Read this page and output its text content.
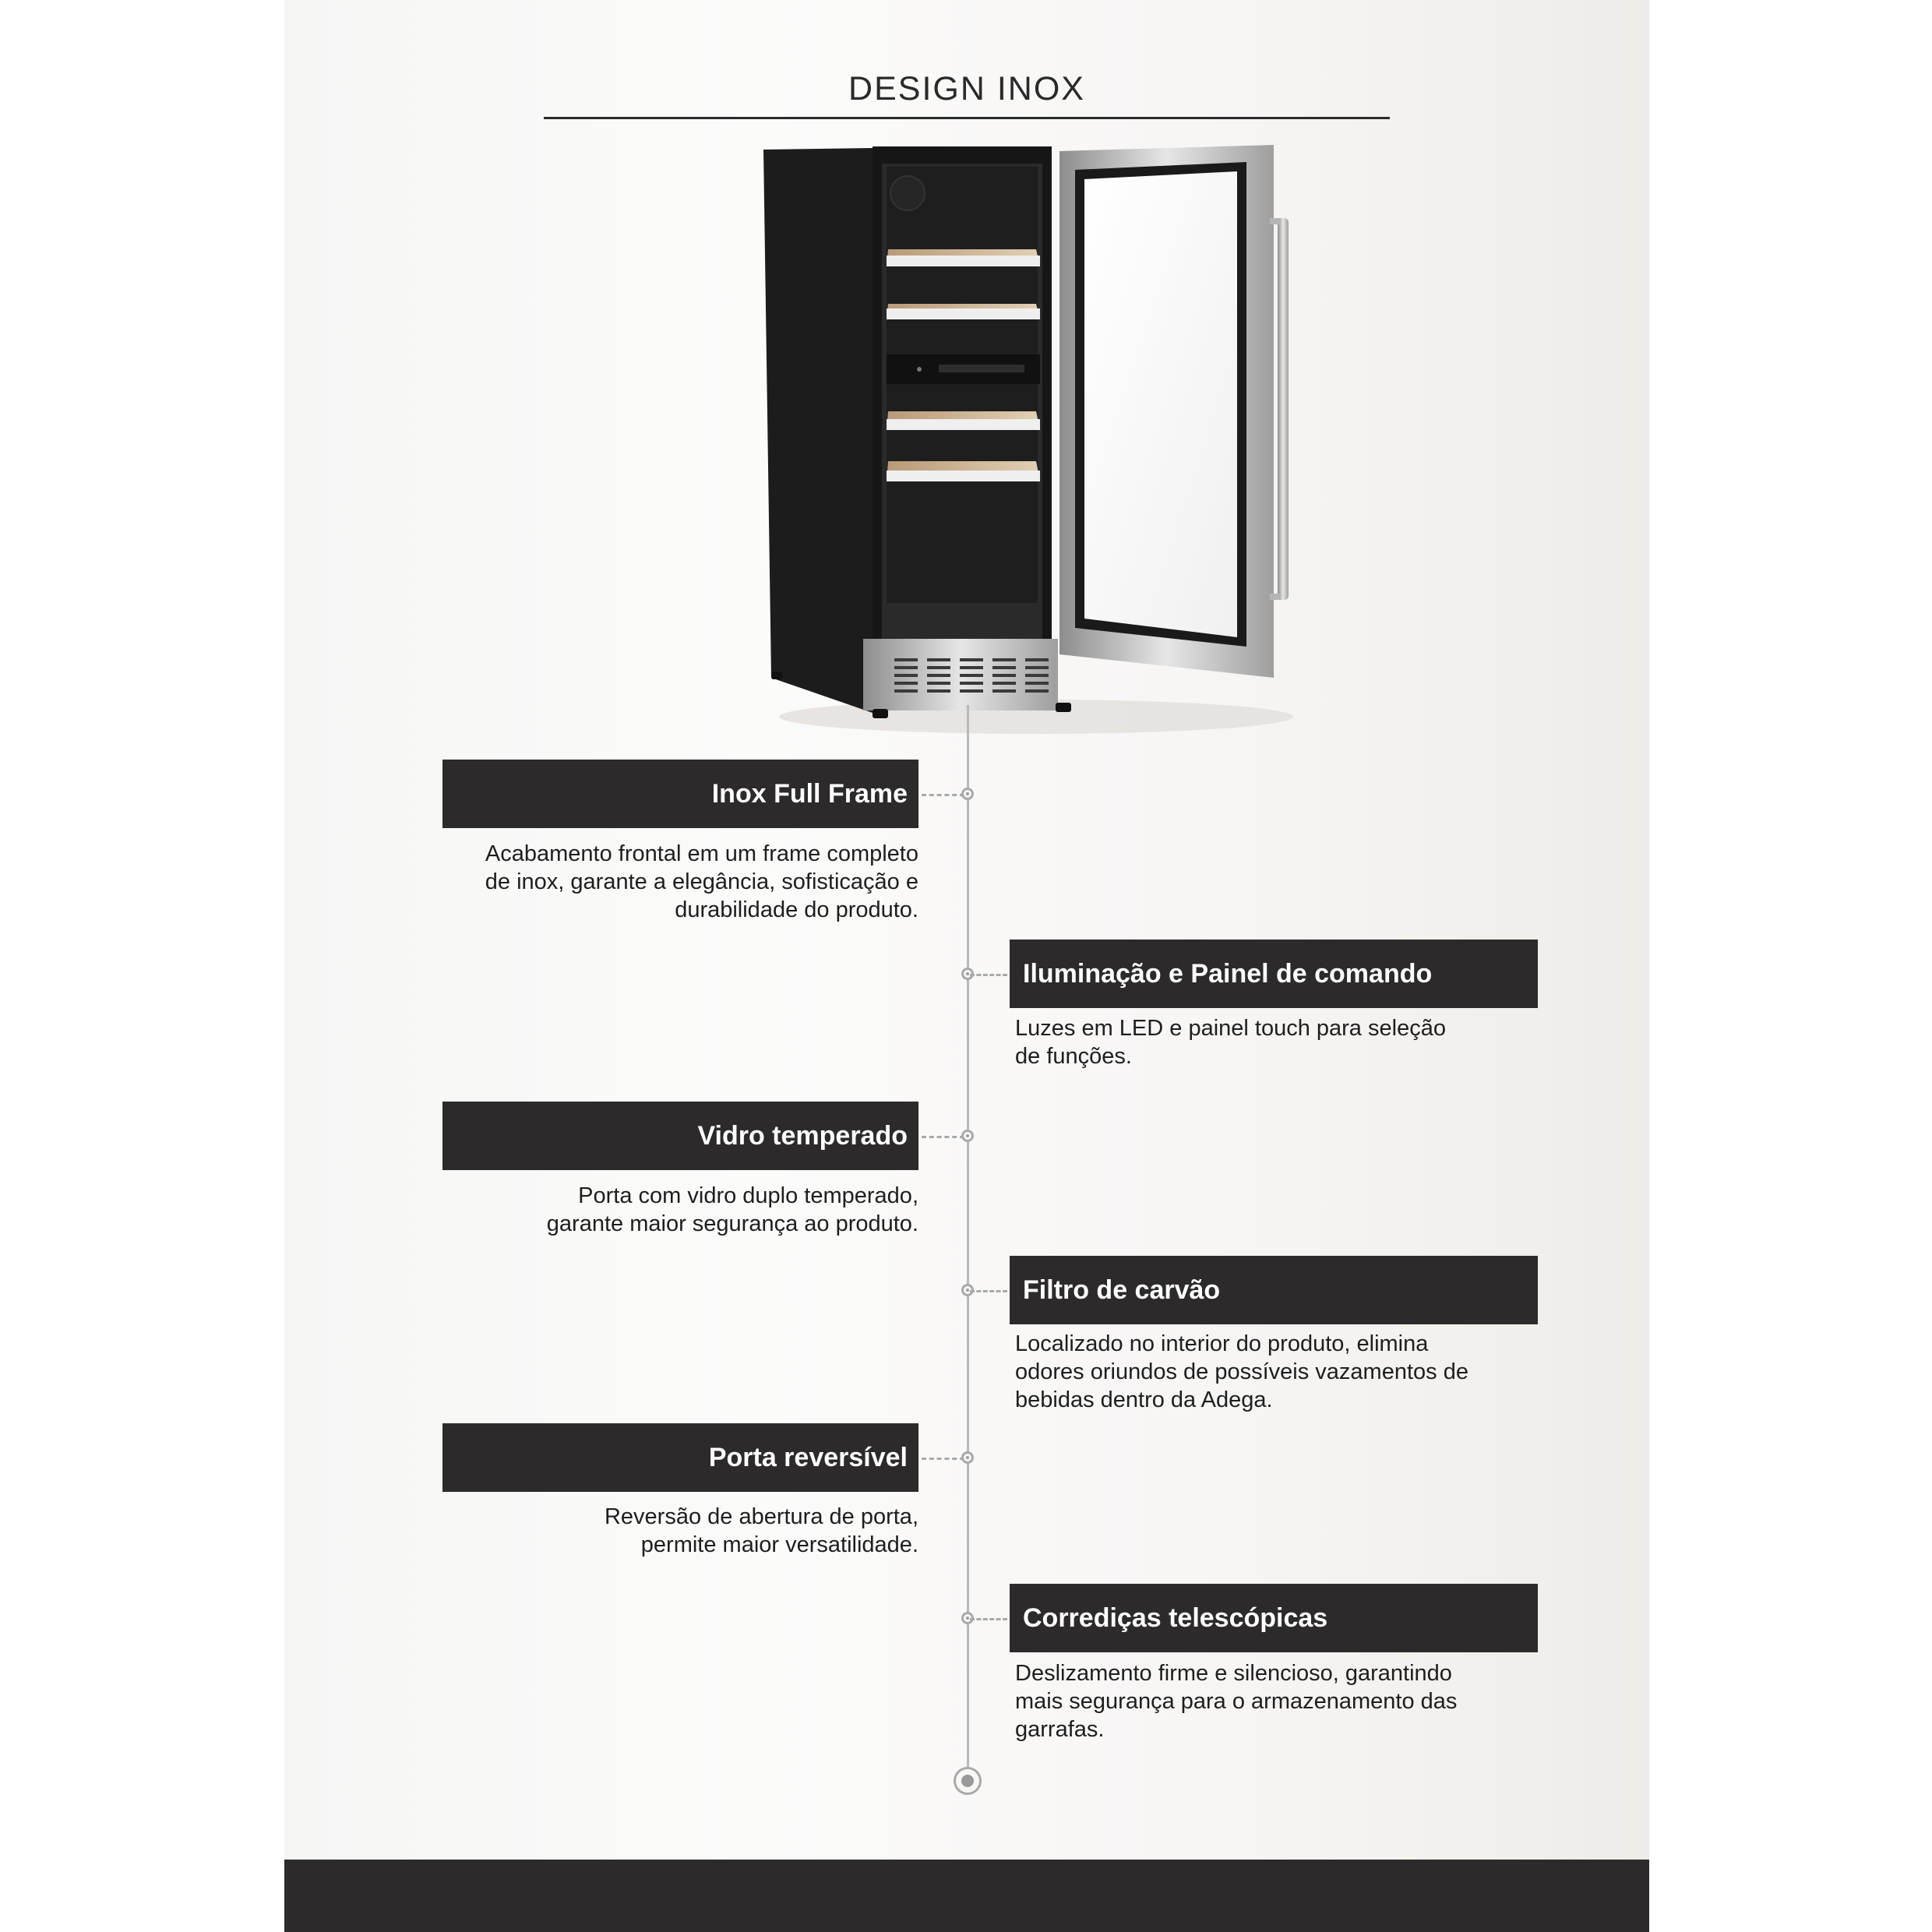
DESIGN INOX
Inox Full Frame
Acabamento frontal em um frame completo
de inox, garante a elegância, sofisticação e
durabilidade do produto.
Iluminação e Painel de comando
Luzes em LED e painel touch para seleção
de funções.
Vidro temperado
Porta com vidro duplo temperado,
garante maior segurança ao produto.
Filtro de carvão
Localizado no interior do produto, elimina
odores oriundos de possíveis vazamentos de
bebidas dentro da Adega.
Porta reversível
Reversão de abertura de porta,
permite maior versatilidade.
Corrediças telescópicas
Deslizamento firme e silencioso, garantindo
mais segurança para o armazenamento das
garrafas.
